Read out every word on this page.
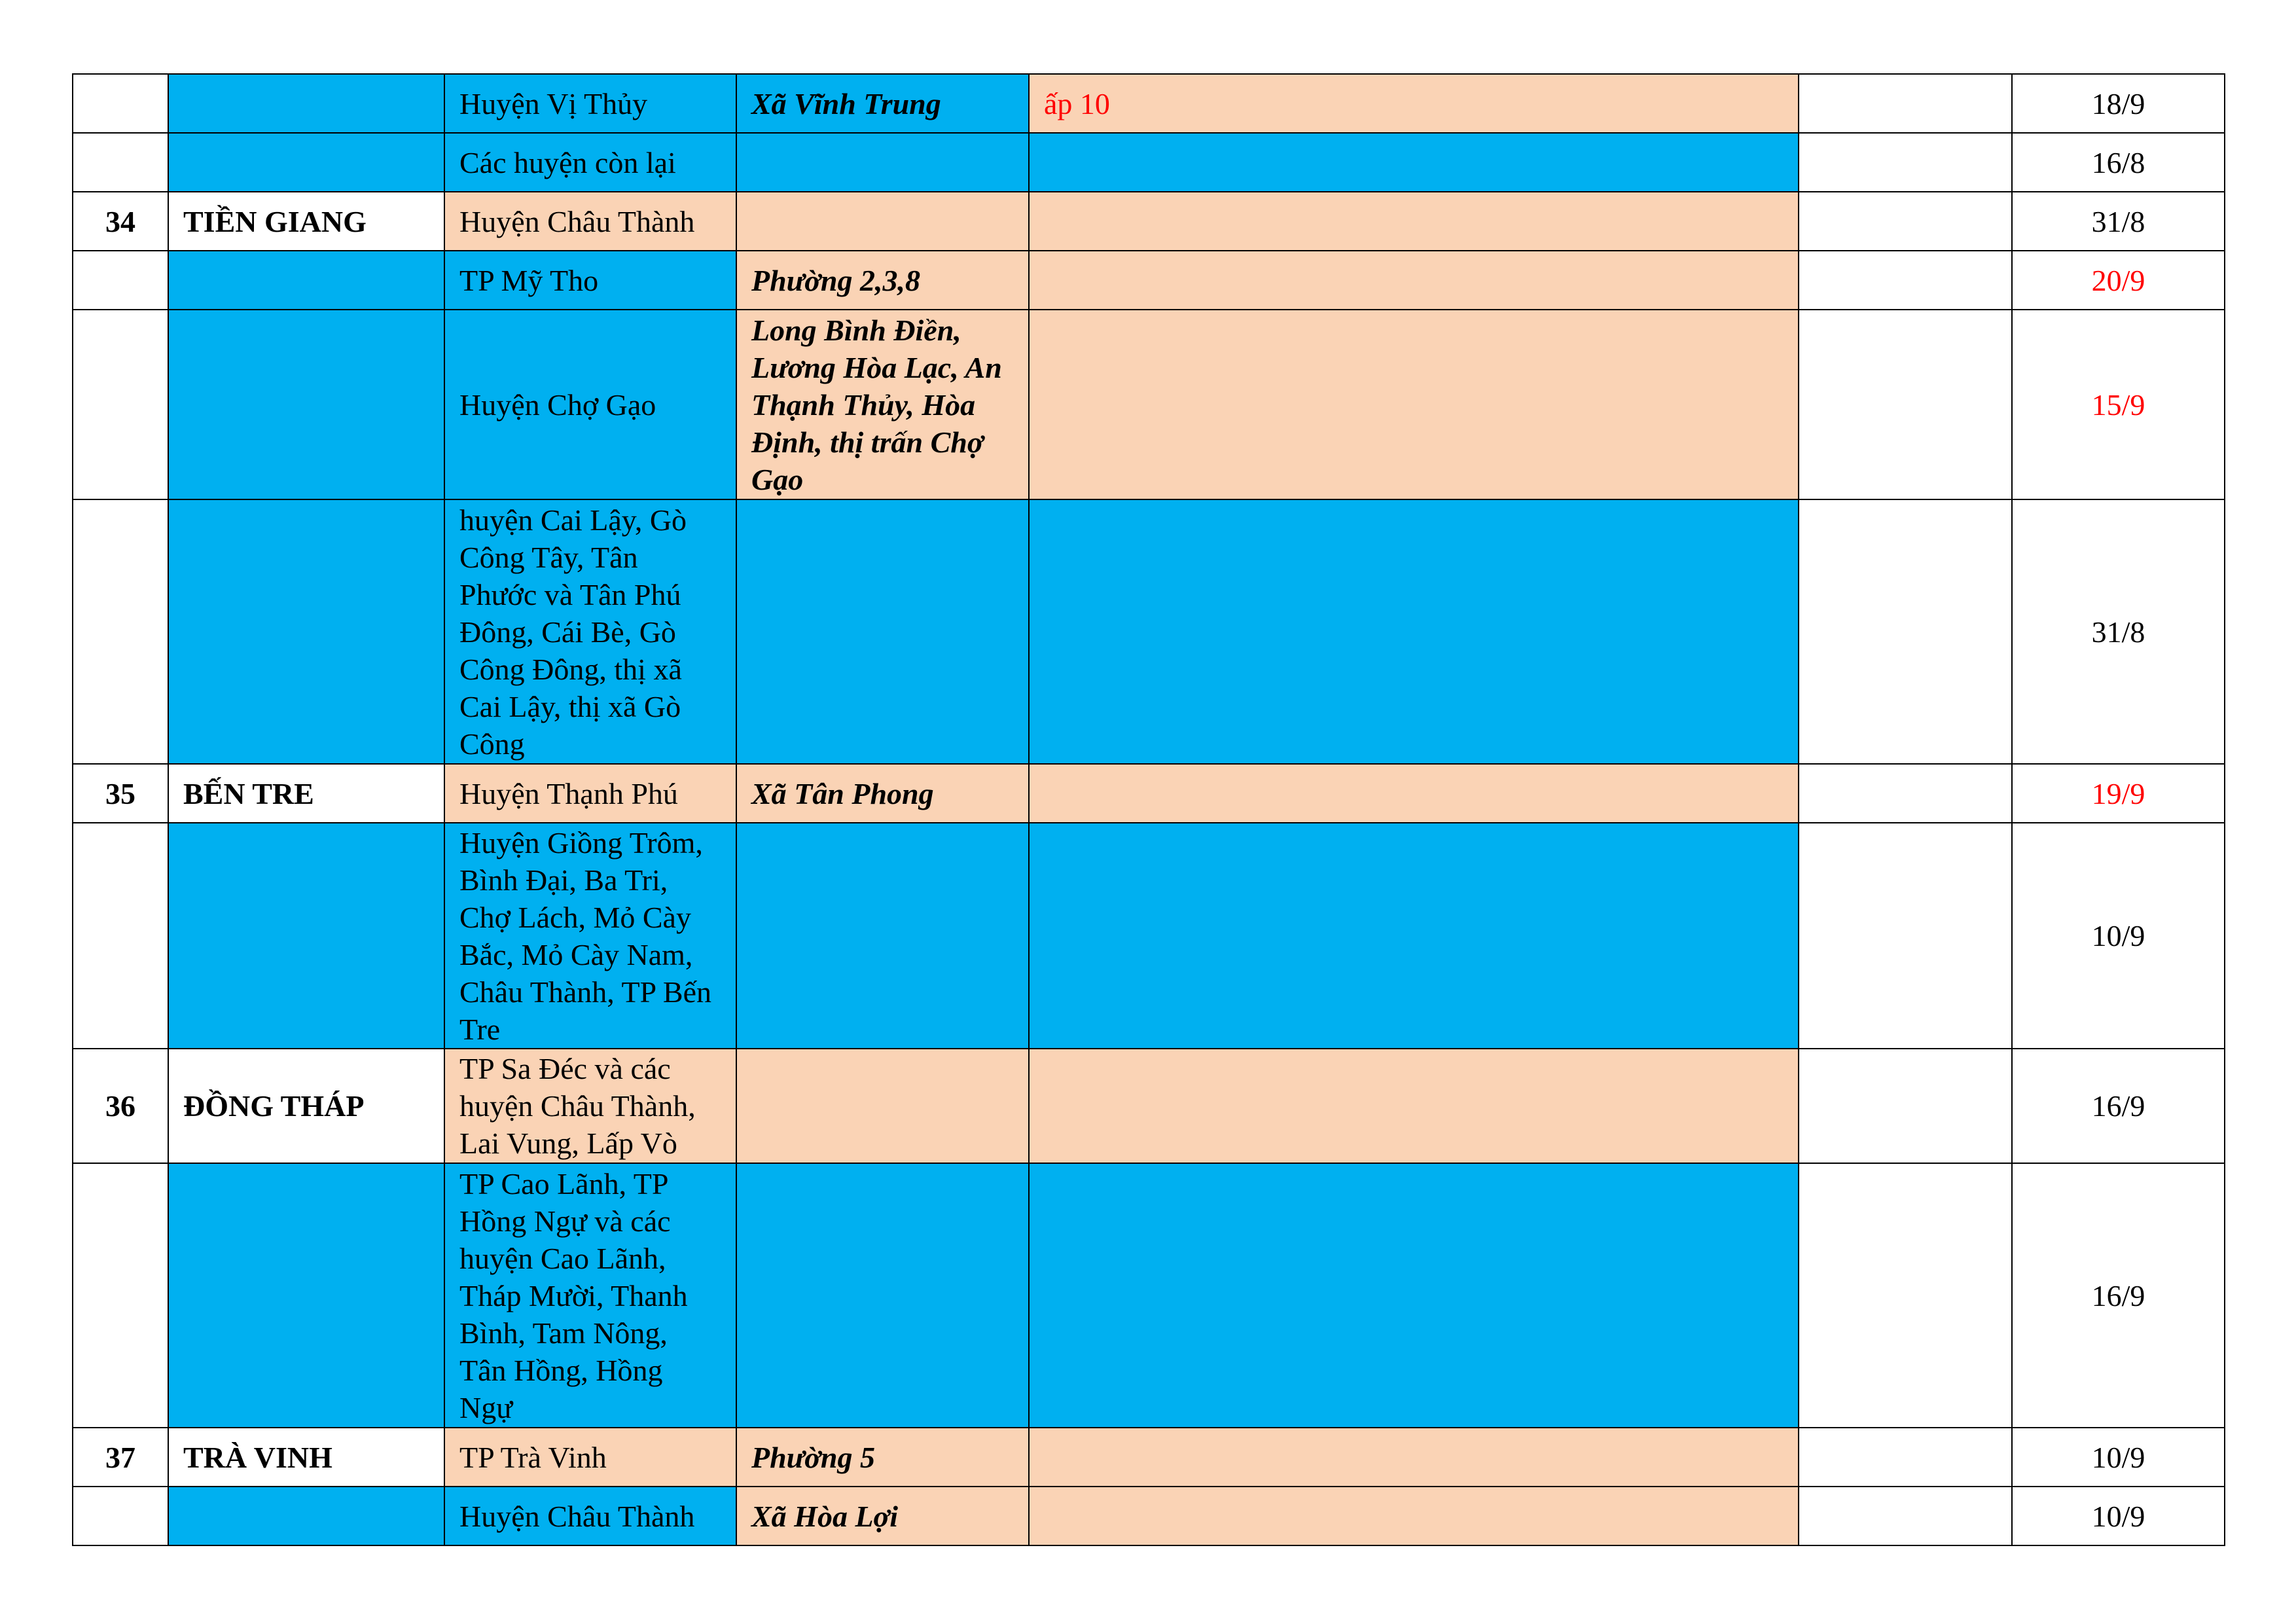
		Huyện Vị Thủy	Xã Vĩnh Trung	ấp 10		18/9
		Các huyện còn lại				16/8
34	TIỀN GIANG	Huyện Châu Thành				31/8
		TP Mỹ Tho	Phường 2,3,8			20/9
		Huyện Chợ Gạo	Long Bình Điền, Lương Hòa Lạc, An Thạnh Thủy, Hòa Định, thị trấn Chợ Gạo			15/9
		huyện Cai Lậy, Gò Công Tây, Tân Phước và Tân Phú Đông, Cái Bè, Gò Công Đông, thị xã Cai Lậy, thị xã Gò Công				31/8
35	BẾN TRE	Huyện Thạnh Phú	Xã Tân Phong			19/9
		Huyện Giồng Trôm, Bình Đại, Ba Tri, Chợ Lách, Mỏ Cày Bắc, Mỏ Cày Nam, Châu Thành, TP Bến Tre				10/9
36	ĐỒNG THÁP	TP Sa Đéc và các huyện Châu Thành, Lai Vung, Lấp Vò				16/9
		TP Cao Lãnh, TP Hồng Ngự và các huyện Cao Lãnh, Tháp Mười, Thanh Bình, Tam Nông, Tân Hồng, Hồng Ngự				16/9
37	TRÀ VINH	TP Trà Vinh	Phường 5			10/9
		Huyện Châu Thành	Xã Hòa Lợi			10/9
